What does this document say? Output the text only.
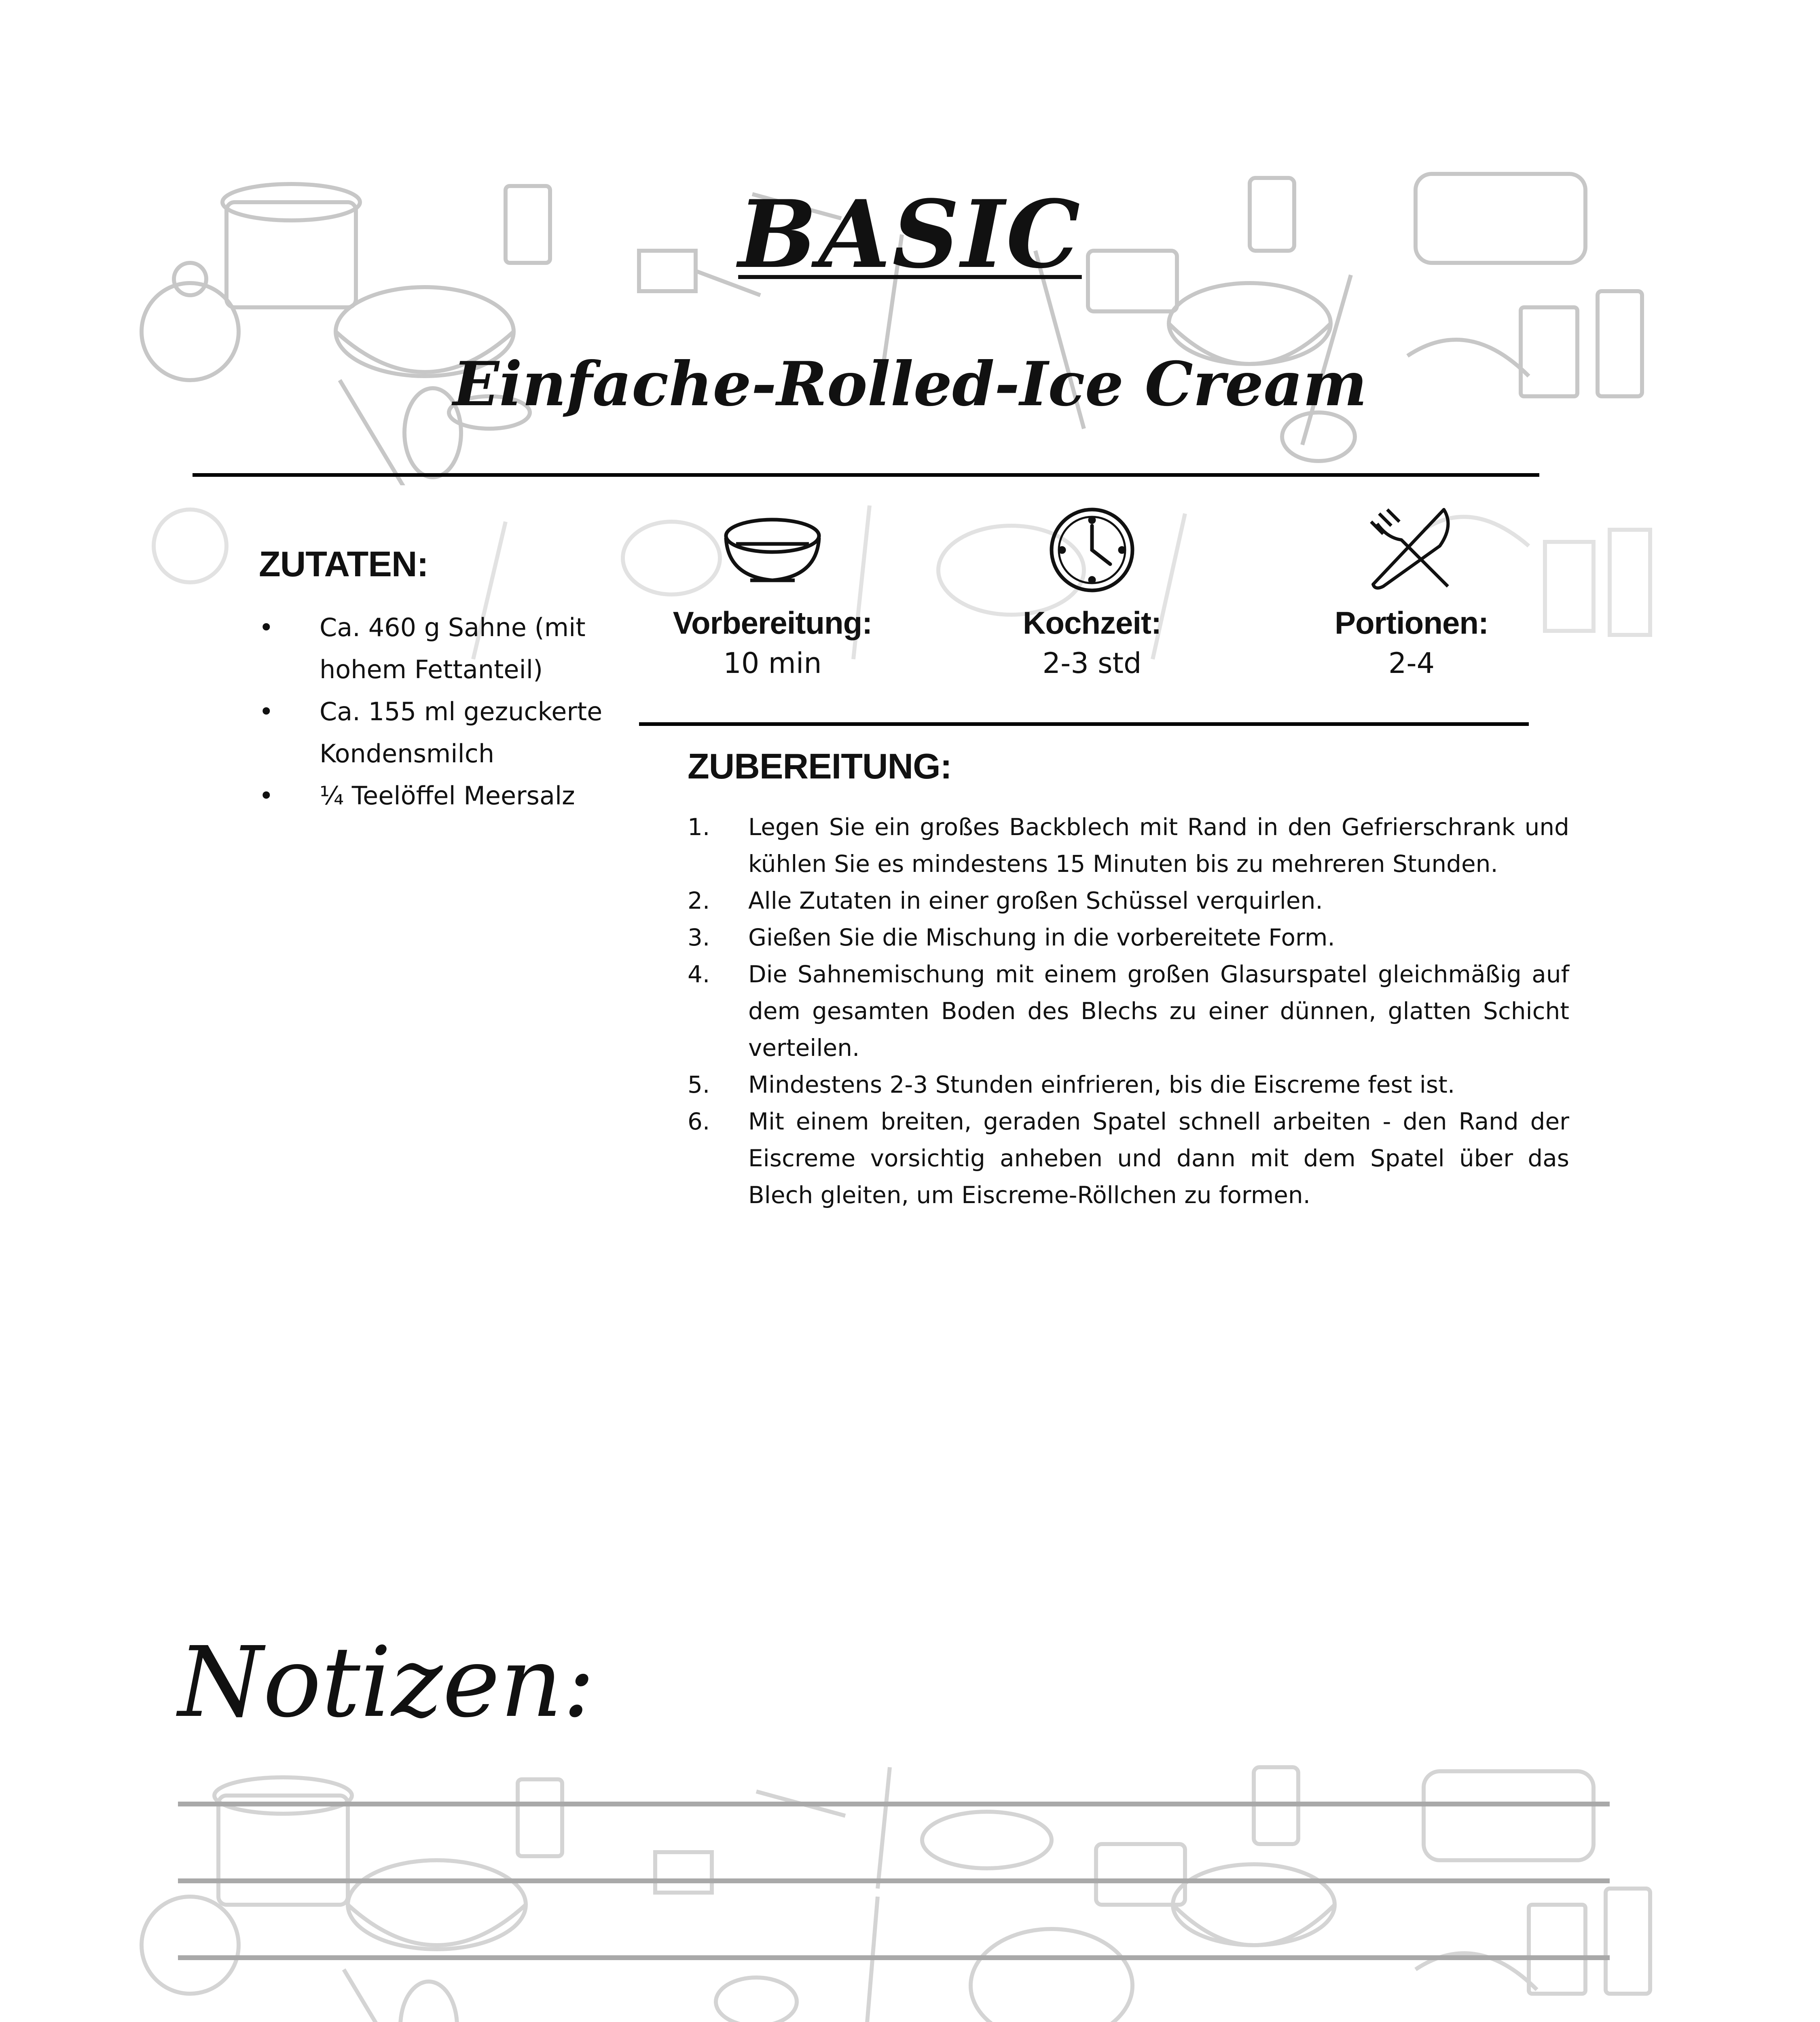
BASIC
Einfache-Rolled-Ice Cream
ZUTATEN:
• Ca. 460 g Sahne (mit hohem Fettanteil)
• Ca. 155 ml gezuckerte Kondensmilch
• ¼ Teelöffel Meersalz
Vorbereitung:
10 min
Kochzeit:
2-3 std
Portionen:
2-4
ZUBEREITUNG:
1. Legen Sie ein großes Backblech mit Rand in den Gefrierschrank und kühlen Sie es mindestens 15 Minuten bis zu mehreren Stunden.
2. Alle Zutaten in einer großen Schüssel verquirlen.
3. Gießen Sie die Mischung in die vorbereitete Form.
4. Die Sahnemischung mit einem großen Glasurspatel gleichmäßig auf dem gesamten Boden des Blechs zu einer dünnen, glatten Schicht verteilen.
5. Mindestens 2-3 Stunden einfrieren, bis die Eiscreme fest ist.
6. Mit einem breiten, geraden Spatel schnell arbeiten - den Rand der Eiscreme vorsichtig anheben und dann mit dem Spatel über das Blech gleiten, um Eiscreme-Röllchen zu formen.
Notizen:
